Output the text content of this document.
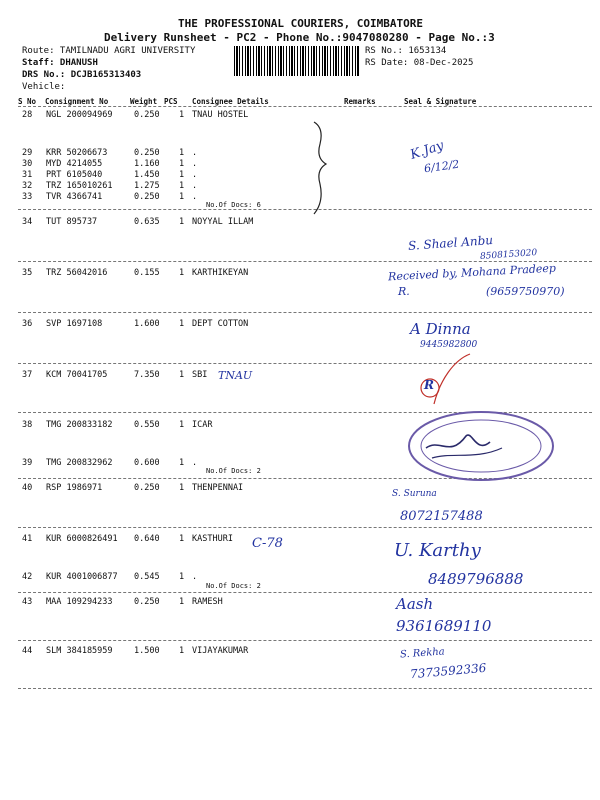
THE PROFESSIONAL COURIERS, COIMBATORE
Delivery Runsheet - PC2 - Phone No.:9047080280 - Page No.:3
Route: TAMILNADU AGRI UNIVERSITY
Staff: DHANUSH
DRS No.: DCJB165313403
Vehicle:
RS No.: 1653134
RS Date: 08-Dec-2025
S No Consignment No	Weight PCS Consignee Details	Remarks	Seal & Signature
28 NGL 200094969	0.250 1 TNAU HOSTEL
29 KRR 50206673	0.250 1 .
30 MYD 4214055	1.160 1 .
31 PRT 6105040	1.450 1 .
32 TRZ 165010261	1.275 1 .
33 TVR 4366741	0.250 1 .
34 TUT 895737	0.635 1 NOYYAL ILLAM
35 TRZ 56042016	0.155 1 KARTHIKEYAN
36 SVP 1697108	1.600 1 DEPT COTTON
37 KCM 70041705	7.350 1 SBI
38 TMG 200833182	0.550 1 ICAR
39 TMG 200832962	0.600 1 .
40 RSP 1986971	0.250 1 THENPENNAI
41 KUR 6000826491 0.640 1 KASTHURI
42 KUR 4001006877 0.545 1 .
43 MAA 109294233	0.250 1 RAMESH
44 SLM 384185959	1.500 1 VIJAYAKUMAR
No.Of Docs: 6
No.Of Docs: 2
No.Of Docs: 2
TNAU
C-78
K.Jay
6/12/2
S. Shael Anbu
8508153020
Received by, Mohana Pradeep
R.	(9659750970)
A Dinna
9445982800
R
S. Suruna
8072157488
U. Karthy
8489796888
Aash
9361689110
S. Rekha
7373592336
